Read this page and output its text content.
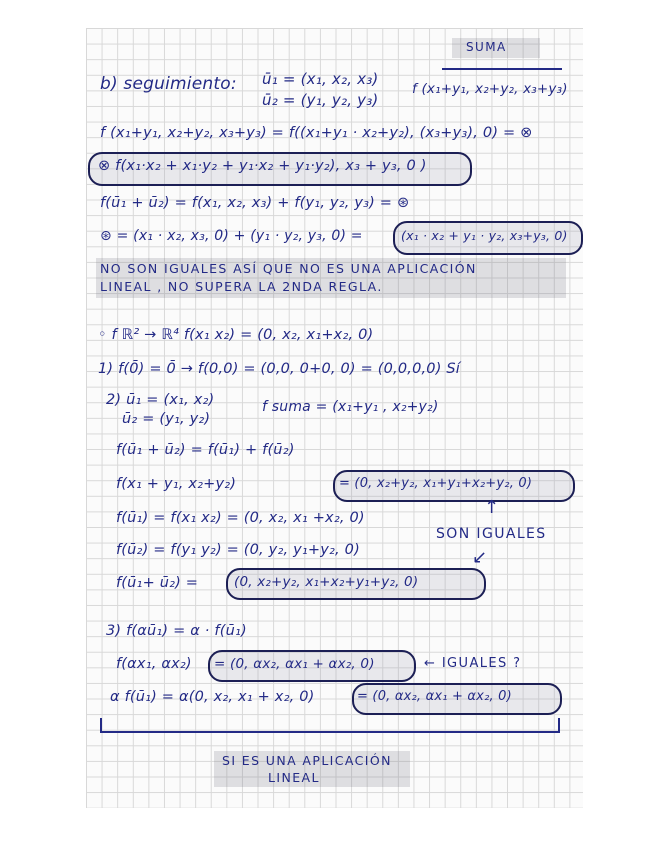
SUMA
b) seguimiento: ū₁ = (x₁, x₂, x₃)
ū₂ = (y₁, y₂, y₃)
f (x₁+y₁, x₂+y₂, x₃+y₃)
f (x₁+y₁, x₂+y₂, x₃+y₃) = f((x₁+y₁ · x₂+y₂), (x₃+y₃), 0) = ⊗
⊗ f(x₁·x₂ + x₁·y₂ + y₁·x₂ + y₁·y₂), x₃ + y₃, 0 )
f(ū₁ + ū₂) = f(x₁, x₂, x₃) + f(y₁, y₂, y₃) = ⊛
⊛ = (x₁ · x₂, x₃, 0) + (y₁ · y₂, y₃, 0) =	(x₁ · x₂ + y₁ · y₂, x₃+y₃, 0)
NO SON IGUALES ASÍ QUE NO ES UNA APLICACIÓN
LINEAL , NO SUPERA LA 2NDA REGLA.
◦ f ℝ² → ℝ⁴ f(x₁ x₂) = (0, x₂, x₁+x₂, 0)
1) f(0̄) = 0̄ → f(0,0) = (0,0, 0+0, 0) = (0,0,0,0) Sí
2) ū₁ = (x₁, x₂)
ū₂ = (y₁, y₂)
f suma = (x₁+y₁ , x₂+y₂)
f(ū₁ + ū₂) = f(ū₁) + f(ū₂)
f(x₁ + y₁, x₂+y₂)	= (0, x₂+y₂, x₁+y₁+x₂+y₂, 0)
↑
f(ū₁) = f(x₁ x₂) = (0, x₂, x₁ +x₂, 0)
SON IGUALES
f(ū₂) = f(y₁ y₂) = (0, y₂, y₁+y₂, 0)	↙
f(ū₁+ ū₂) =	(0, x₂+y₂, x₁+x₂+y₁+y₂, 0)
3) f(αū₁) = α · f(ū₁)
f(αx₁, αx₂) = (0, αx₂, αx₁ + αx₂, 0)	← IGUALES ?
α f(ū₁) = α(0, x₂, x₁ + x₂, 0)	= (0, αx₂, αx₁ + αx₂, 0)
SI ES UNA APLICACIÓN
LINEAL
